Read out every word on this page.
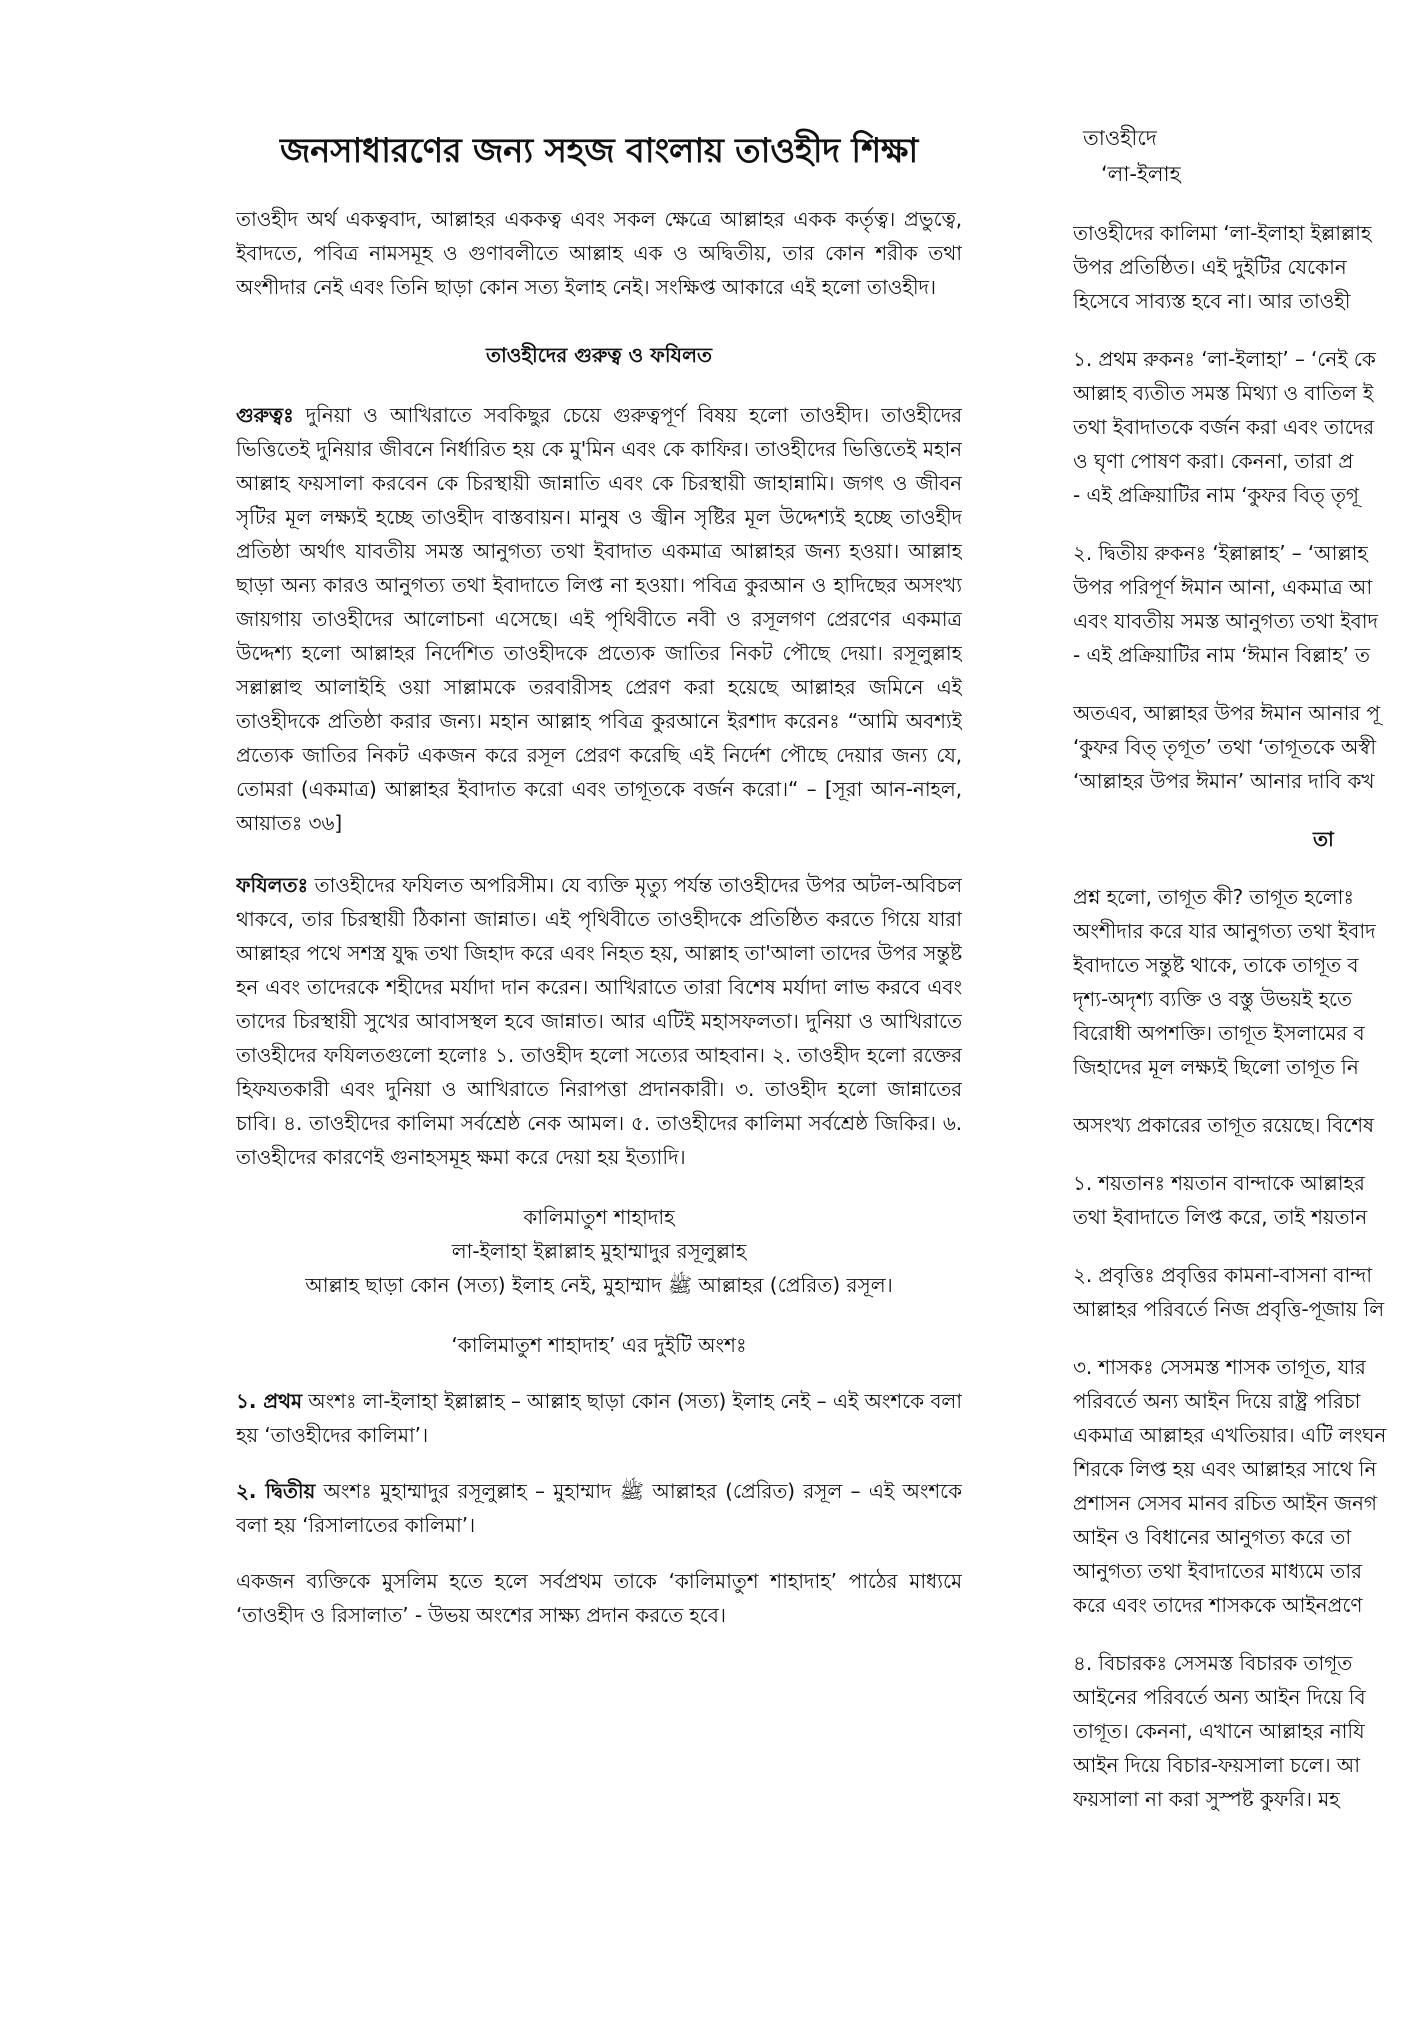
জনসাধারণের জন্য সহজ বাংলায় তাওহীদ শিক্ষা

তাওহীদ অর্থ একত্ববাদ, আল্লাহর এককত্ব এবং সকল ক্ষেত্রে আল্লাহর একক কর্তৃত্ব। প্রভুত্বে, ইবাদতে, পবিত্র নামসমূহ ও গুণাবলীতে আল্লাহ এক ও অদ্বিতীয়, তার কোন শরীক তথা অংশীদার নেই এবং তিনি ছাড়া কোন সত্য ইলাহ নেই। সংক্ষিপ্ত আকারে এই হলো তাওহীদ।

তাওহীদের গুরুত্ব ও ফযিলত

গুরুত্বঃ দুনিয়া ও আখিরাতে সবকিছুর চেয়ে গুরুত্বপূর্ণ বিষয় হলো তাওহীদ। তাওহীদের ভিত্তিতেই দুনিয়ার জীবনে নির্ধারিত হয় কে মু'মিন এবং কে কাফির। তাওহীদের ভিত্তিতেই মহান আল্লাহ ফয়সালা করবেন কে চিরস্থায়ী জান্নাতি এবং কে চিরস্থায়ী জাহান্নামি। জগৎ ও জীবন সৃটির মূল লক্ষ্যই হচ্ছে তাওহীদ বাস্তবায়ন। মানুষ ও জ্বীন সৃষ্টির মূল উদ্দেশ্যই হচ্ছে তাওহীদ প্রতিষ্ঠা অর্থাৎ যাবতীয় সমস্ত আনুগত্য তথা ইবাদাত একমাত্র আল্লাহর জন্য হওয়া। আল্লাহ ছাড়া অন্য কারও আনুগত্য তথা ইবাদাতে লিপ্ত না হওয়া। পবিত্র কুরআন ও হাদিছের অসংখ্য জায়গায় তাওহীদের আলোচনা এসেছে। এই পৃথিবীতে নবী ও রসূলগণ প্রেরণের একমাত্র উদ্দেশ্য হলো আল্লাহর নির্দেশিত তাওহীদকে প্রত্যেক জাতির নিকট পৌছে দেয়া। রসূলুল্লাহ সল্লাল্লাহু আলাইহি ওয়া সাল্লামকে তরবারীসহ প্রেরণ করা হয়েছে আল্লাহর জমিনে এই তাওহীদকে প্রতিষ্ঠা করার জন্য। মহান আল্লাহ পবিত্র কুরআনে ইরশাদ করেনঃ “আমি অবশ্যই প্রত্যেক জাতির নিকট একজন করে রসূল প্রেরণ করেছি এই নির্দেশ পৌছে দেয়ার জন্য যে, তোমরা (একমাত্র) আল্লাহর ইবাদাত করো এবং তাগূতকে বর্জন করো।“ – [সূরা আন-নাহল, আয়াতঃ ৩৬]

ফযিলতঃ তাওহীদের ফযিলত অপরিসীম। যে ব্যক্তি মৃত্যু পর্যন্ত তাওহীদের উপর অটল-অবিচল থাকবে, তার চিরস্থায়ী ঠিকানা জান্নাত। এই পৃথিবীতে তাওহীদকে প্রতিষ্ঠিত করতে গিয়ে যারা আল্লাহর পথে সশস্ত্র যুদ্ধ তথা জিহাদ করে এবং নিহত হয়, আল্লাহ তা'আলা তাদের উপর সন্তুষ্ট হন এবং তাদেরকে শহীদের মর্যাদা দান করেন। আখিরাতে তারা বিশেষ মর্যাদা লাভ করবে এবং তাদের চিরস্থায়ী সুখের আবাসস্থল হবে জান্নাত। আর এটিই মহাসফলতা। দুনিয়া ও আখিরাতে তাওহীদের ফযিলতগুলো হলোঃ ১. তাওহীদ হলো সত্যের আহবান। ২. তাওহীদ হলো রক্তের হিফযতকারী এবং দুনিয়া ও আখিরাতে নিরাপত্তা প্রদানকারী। ৩. তাওহীদ হলো জান্নাতের চাবি। ৪. তাওহীদের কালিমা সর্বশ্রেষ্ঠ নেক আমল। ৫. তাওহীদের কালিমা সর্বশ্রেষ্ঠ জিকির। ৬. তাওহীদের কারণেই গুনাহসমূহ ক্ষমা করে দেয়া হয় ইত্যাদি।

কালিমাতুশ শাহাদাহ
লা-ইলাহা ইল্লাল্লাহ মুহাম্মাদুর রসূলুল্লাহ
আল্লাহ ছাড়া কোন (সত্য) ইলাহ নেই, মুহাম্মাদ ﷺ আল্লাহর (প্রেরিত) রসূল।
‘কালিমাতুশ শাহাদাহ’ এর দুইটি অংশঃ

১. প্রথম অংশঃ লা-ইলাহা ইল্লাল্লাহ – আল্লাহ ছাড়া কোন (সত্য) ইলাহ নেই – এই অংশকে বলা হয় ‘তাওহীদের কালিমা’।

২. দ্বিতীয় অংশঃ মুহাম্মাদুর রসূলুল্লাহ – মুহাম্মাদ ﷺ আল্লাহর (প্রেরিত) রসূল – এই অংশকে বলা হয় ‘রিসালাতের কালিমা’।

একজন ব্যক্তিকে মুসলিম হতে হলে সর্বপ্রথম তাকে ‘কালিমাতুশ শাহাদাহ’ পাঠের মাধ্যমে ‘তাওহীদ ও রিসালাত’ - উভয় অংশের সাক্ষ্য প্রদান করতে হবে।

তাওহীদে
‘লা-ইলাহ

তাওহীদের কালিমা ‘লা-ইলাহা ইল্লাল্লাহ

উপর প্রতিষ্ঠিত। এই দুইটির যেকোন

হিসেবে সাব্যস্ত হবে না। আর তাওহী

১. প্রথম রুকনঃ ‘লা-ইলাহা’ – ‘নেই কে

আল্লাহ ব্যতীত সমস্ত মিথ্যা ও বাতিল ই

তথা ইবাদাতকে বর্জন করা এবং তাদের

ও ঘৃণা পোষণ করা। কেননা, তারা প্র

- এই প্রক্রিয়াটির নাম ‘কুফর বিত্ তৃগূ

২. দ্বিতীয় রুকনঃ ‘ইল্লাল্লাহ’ – ‘আল্লাহ

উপর পরিপূর্ণ ঈমান আনা, একমাত্র আ

এবং যাবতীয় সমস্ত আনুগত্য তথা ইবাদ

- এই প্রক্রিয়াটির নাম ‘ঈমান বিল্লাহ’ ত

অতএব, আল্লাহর উপর ঈমান আনার পূ

‘কুফর বিত্ তৃগূত’ তথা ‘তাগূতকে অস্বী

‘আল্লাহর উপর ঈমান’ আনার দাবি কখ

তা

প্রশ্ন হলো, তাগূত কী? তাগূত হলোঃ

অংশীদার করে যার আনুগত্য তথা ইবাদ

ইবাদাতে সন্তুষ্ট থাকে, তাকে তাগূত ব

দৃশ্য-অদৃশ্য ব্যক্তি ও বস্তু উভয়ই হতে

বিরোধী অপশক্তি। তাগূত ইসলামের ব

জিহাদের মূল লক্ষ্যই ছিলো তাগূত নি

অসংখ্য প্রকারের তাগূত রয়েছে। বিশেষ

১. শয়তানঃ শয়তান বান্দাকে আল্লাহর

তথা ইবাদাতে লিপ্ত করে, তাই শয়তান

২. প্রবৃত্তিঃ প্রবৃত্তির কামনা-বাসনা বান্দা

আল্লাহর পরিবর্তে নিজ প্রবৃত্তি-পূজায় লি

৩. শাসকঃ সেসমস্ত শাসক তাগূত, যার

পরিবর্তে অন্য আইন দিয়ে রাষ্ট্র পরিচা

একমাত্র আল্লাহর এখতিয়ার। এটি লংঘন

শিরকে লিপ্ত হয় এবং আল্লাহর সাথে নি

প্রশাসন সেসব মানব রচিত আইন জনগ

আইন ও বিধানের আনুগত্য করে তা

আনুগত্য তথা ইবাদাতের মাধ্যমে তার

করে এবং তাদের শাসককে আইনপ্রণে

৪. বিচারকঃ সেসমস্ত বিচারক তাগূত

আইনের পরিবর্তে অন্য আইন দিয়ে বি

তাগূত। কেননা, এখানে আল্লাহর নাযি

আইন দিয়ে বিচার-ফয়সালা চলে। আ

ফয়সালা না করা সুস্পষ্ট কুফরি। মহ
